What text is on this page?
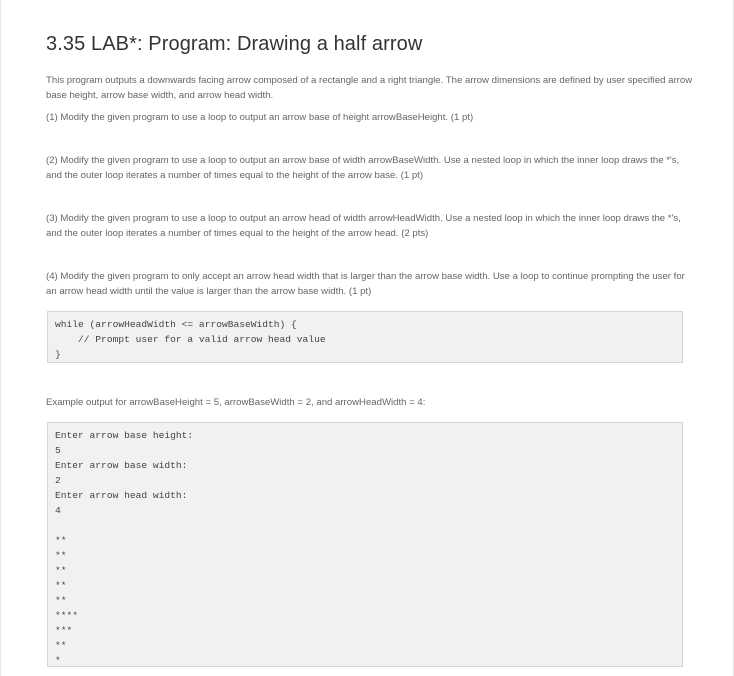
3.35 LAB*: Program: Drawing a half arrow

This program outputs a downwards facing arrow composed of a rectangle and a right triangle. The arrow dimensions are defined by user specified arrow base height, arrow base width, and arrow head width.

(1) Modify the given program to use a loop to output an arrow base of height arrowBaseHeight. (1 pt)

(2) Modify the given program to use a loop to output an arrow base of width arrowBaseWidth. Use a nested loop in which the inner loop draws the *'s, and the outer loop iterates a number of times equal to the height of the arrow base. (1 pt)

(3) Modify the given program to use a loop to output an arrow head of width arrowHeadWidth. Use a nested loop in which the inner loop draws the *'s, and the outer loop iterates a number of times equal to the height of the arrow head. (2 pts)

(4) Modify the given program to only accept an arrow head width that is larger than the arrow base width. Use a loop to continue prompting the user for an arrow head width until the value is larger than the arrow base width. (1 pt)

while (arrowHeadWidth <= arrowBaseWidth) {
// Prompt user for a valid arrow head value
}

Example output for arrowBaseHeight = 5, arrowBaseWidth = 2, and arrowHeadWidth = 4:

Enter arrow base height:
5
Enter arrow base width:
2
Enter arrow head width:
4
**
**
**
**
**
****
***
**
*
